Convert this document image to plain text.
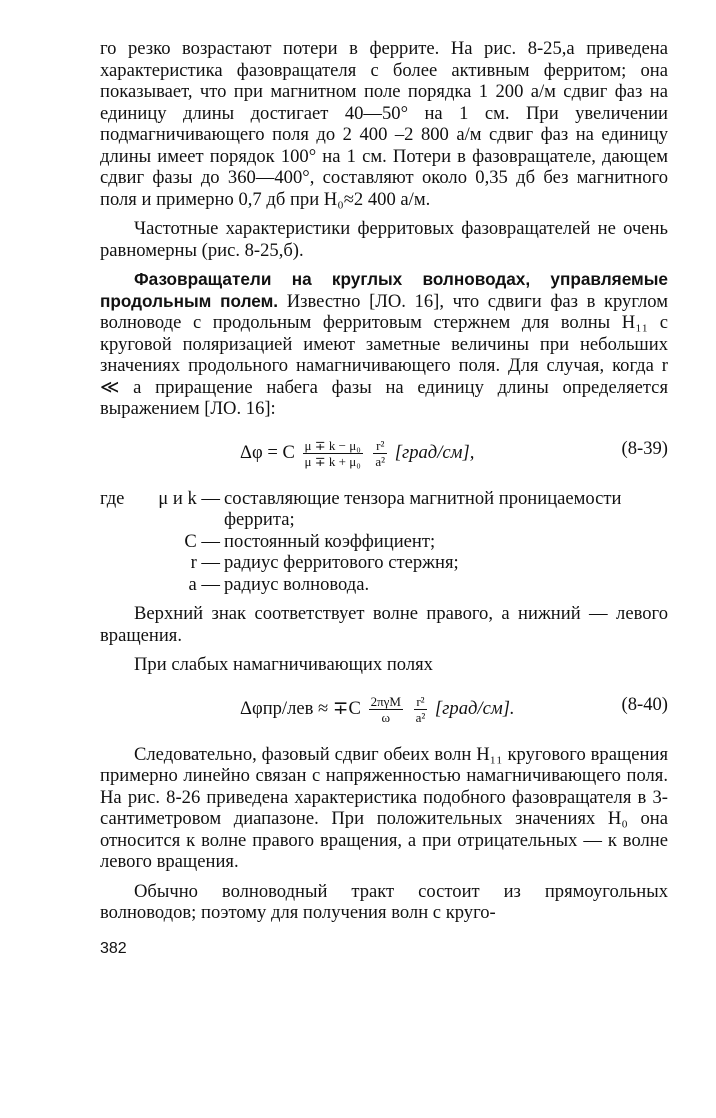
го резко возрастают потери в феррите. На рис. 8-25,а приведена характеристика фазовращателя с более активным ферритом; она показывает, что при магнитном поле порядка 1 200 а/м сдвиг фаз на единицу длины достигает 40—50° на 1 см. При увеличении подмагничивающего поля до 2 400 –2 800 а/м сдвиг фаз на единицу длины имеет порядок 100° на 1 см. Потери в фазовращателе, дающем сдвиг фазы до 360—400°, составляют около 0,35 дб без магнитного поля и примерно 0,7 дб при H₀≈2 400 а/м.

Частотные характеристики ферритовых фазовращателей не очень равномерны (рис. 8-25,б).

Фазовращатели на круглых волноводах, управляемые продольным полем. Известно [ЛО. 16], что сдвиги фаз в круглом волноводе с продольным ферритовым стержнем для волны H₁₁ с круговой поляризацией имеют заметные величины при небольших значениях продольного намагничивающего поля. Для случая, когда r ≪ a приращение набега фазы на единицу длины определяется выражением [ЛО. 16]:

Δφ = C $\frac{\text{μ ∓ k − μ₀}}{\text{μ ∓ k + μ₀}}$
$\frac{\text{r²}}{\text{a²}}$ [град/см],	(8-39)
где	μ и k — составляющие тензора магнитной проницаемости феррита;
C — постоянный коэффициент;
r — радиус ферритового стержня;
a — радиус волновода.

Верхний знак соответствует волне правого, а нижний — левого вращения.

При слабых намагничивающих полях

$\Delta\varphi пр/лев \approx \mp C \frac{\text{2πγM}}{\omega}$
$\frac{\text{r²}}{\text{a²}}$ [град/см].	(8-40)

Следовательно, фазовый сдвиг обеих волн H₁₁ кругового вращения примерно линейно связан с напряженностью намагничивающего поля. На рис. 8-26 приведена характеристика подобного фазовращателя в 3-сантиметровом диапазоне. При положительных значениях H₀ она относится к волне правого вращения, а при отрицательных — к волне левого вращения.

Обычно волноводный тракт состоит из прямоугольных волноводов; поэтому для получения волн с круго-

382
